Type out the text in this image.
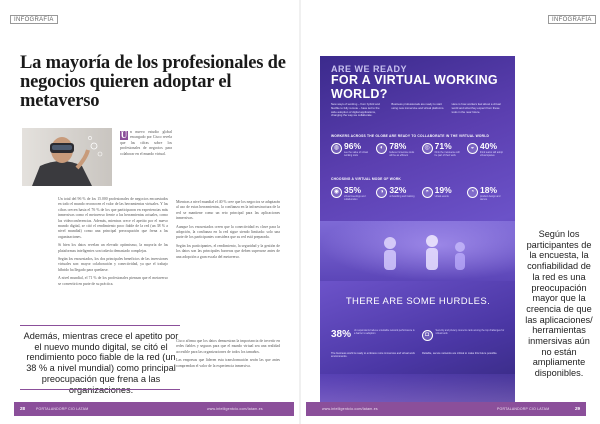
INFOGRAFÍA	INFOGRAFÍA
La mayoría de los profesionales de negocios quieren adoptar el metaverso
U n nuevo estudio global encargado por Cisco revela que las cifras sobre los profesionales de negocios para colaborar en el mundo virtual.

Un total del 96 % de los 15.000 profesionales de negocios encuestados en todo el mundo reconocen el valor de las herramientas virtuales. Y las cifras crecen hasta el 76 % de los que participaron en experiencias más inmersivas como el metaverso frente a las herramientas actuales, como las videoconferencias. Además, mientras crece el apetito por el nuevo mundo digital, se citó el rendimiento poco fiable de la red (un 38 % a nivel mundial) como una principal preocupación que frena a las organizaciones.

Si bien los datos revelan un elevado optimismo, la mayoría de las plataformas inteligentes son todavía demasiado complejas.

Según los encuestados, los dos principales beneficios de las inversiones virtuales son: mayor colaboración y conectividad, ya que el trabajo híbrido ha llegado para quedarse.

A nivel mundial, el 71 % de los profesionales piensan que el metaverso se convertirá en parte de su práctica.

Mientras a nivel mundial el 40 % cree que los negocios se adaptarán al uso de estas herramientas, la confianza en la infraestructura de la red se mantiene como un reto principal para las aplicaciones inmersivas.

Aunque los encuestados creen que la conectividad es clave para la adopción, la confianza en la red sigue siendo limitada: solo una parte de los participantes considera que su red está preparada.

Según los participantes, el rendimiento, la seguridad y la gestión de los datos son las principales barreras que deben superarse antes de una adopción a gran escala del metaverso.

Cisco afirma que los datos demuestran la importancia de invertir en redes fiables y seguras para que el mundo virtual sea una realidad accesible para las organizaciones de todos los tamaños.

Las empresas que lideren esta transformación serán las que antes comprendan el valor de la experiencia inmersiva.

Además, mientras crece el apetito por el nuevo mundo digital, se citó el rendimiento poco fiable de la red (un 38 % a nivel mundial) como principal preocupación que frena a las
ARE WE READY
FOR A VIRTUAL WORKING WORLD?
New ways of working – from hybrid and flexible to fully remote – have led to the wide adoption of digital applications, changing the way we collaborate.
Business professionals are ready to start using new immersive and virtual platforms.
Here is how workers feel about a virtual world and what they expect from these tools in the near future.
WORKERS ACROSS THE GLOBE ARE READY TO COLLABORATE IN THE VIRTUAL WORLD
◍ 96%
see the value of virtual working tools
◐ 78%
believe immersive tools will be as efficient
◎ 71%
think the metaverse will be part of their work
◒ 40%
think teams will adopt virtual spaces
CHOOSING A VIRTUAL MODE OF WORK
◉ 35%
virtual meetings and collaboration
◑ 32%
onboarding and training
◓ 19%
virtual events
◔ 18%
product design and demos
THERE ARE SOME HURDLES.
38% of respondents believe unreliable network performance is a barrier to adoption	◘
Security and privacy concerns rank among the top challenges for virtual tools
The business world is ready to embrace more immersive and virtual work environments.
Reliable, secure networks are critical to make this future possible.
Según los participantes de la encuesta, la confiabilidad de la red es una preocupación mayor que la creencia de que las aplicaciones/ herramientas inmersivas aún no están ampliamente disponibles.
28	PORTALANDORP CIO LATAM	www.intelligentcio.com/latam-es	www.intelligentcio.com/latam-es	PORTALANDORP CIO LATAM	29
